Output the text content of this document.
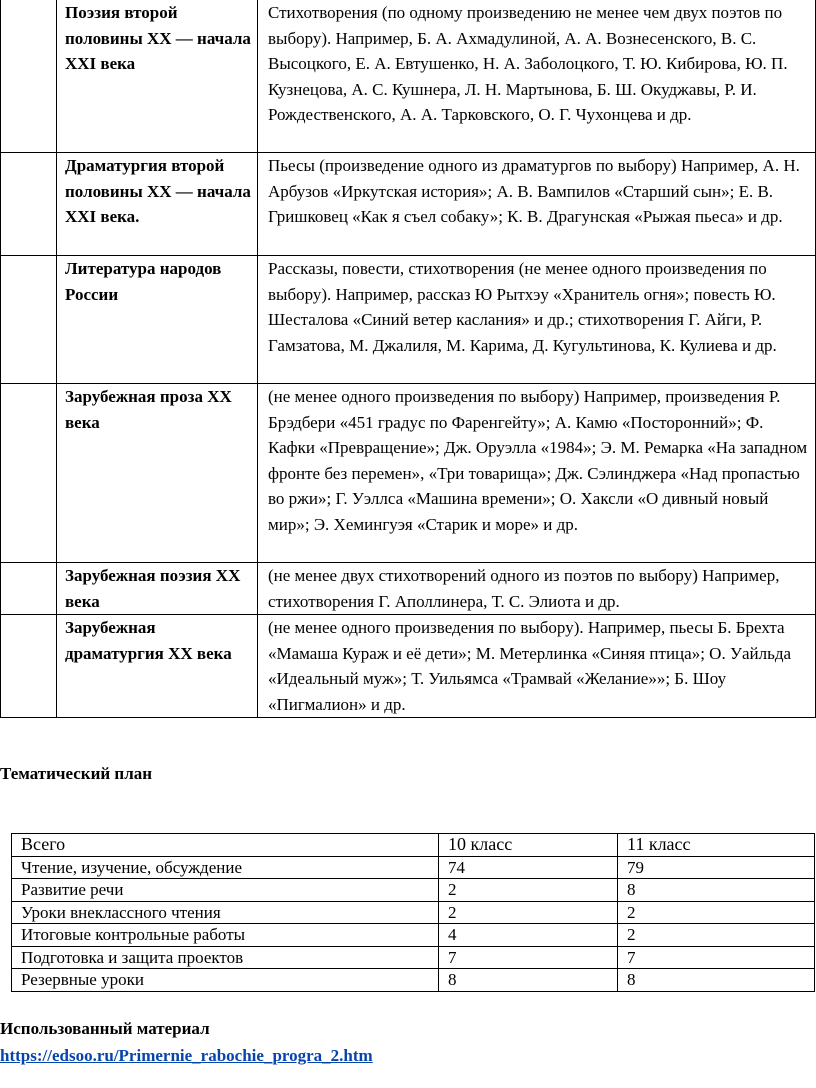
	Поэзия второй половины XX — начала XXI века	Стихотворения (по одному произведению не менее чем двух поэтов по выбору). Например, Б. А. Ахмадулиной, А. А. Вознесенского, В. С. Высоцкого, Е. А. Евтушенко, Н. А. Заболоцкого, Т. Ю. Кибирова, Ю. П. Кузнецова, А. С. Кушнера, Л. Н. Мартынова, Б. Ш. Окуджавы, Р. И. Рождественского, А. А. Тарковского, О. Г. Чухонцева и др.
	Драматургия второй половины XX — начала XXI века.	Пьесы (произведение одного из драматургов по выбору) Например, А. Н. Арбузов «Иркутская история»; А. В. Вампилов «Старший сын»; Е. В. Гришковец «Как я съел собаку»; К. В. Драгунская «Рыжая пьеса» и др.
	Литература народов России	Рассказы, повести, стихотворения (не менее одного произведения по выбору). Например, рассказ Ю Рытхэу «Хранитель огня»; повесть Ю. Шесталова «Синий ветер каслания» и др.; стихотворения Г. Айги, Р. Гамзатова, М. Джалиля, М. Карима, Д. Кугультинова, К. Кулиева и др.
	Зарубежная проза XX века	(не менее одного произведения по выбору) Например, произведения Р. Брэдбери «451 градус по Фаренгейту»; А. Камю «Посторонний»; Ф. Кафки «Превращение»; Дж. Оруэлла «1984»; Э. М. Ремарка «На западном фронте без перемен», «Три товарища»; Дж. Сэлинджера «Над пропастью во ржи»; Г. Уэллса «Машина времени»; О. Хаксли «О дивный новый мир»; Э. Хемингуэя «Старик и море» и др.
	Зарубежная поэзия XX века	(не менее двух стихотворений одного из поэтов по выбору) Например, стихотворения Г. Аполлинера, Т. С. Элиота и др.
	Зарубежная драматургия XX века	(не менее одного произведения по выбору). Например, пьесы Б. Брехта «Мамаша Кураж и её дети»; М. Метерлинка «Синяя птица»; О. Уайльда «Идеальный муж»; Т. Уильямса «Трамвай «Желание»»; Б. Шоу «Пигмалион» и др.
Тематический план
Всего	10 класс	11 класс
Чтение, изучение, обсуждение	74	79
Развитие речи	2	8
Уроки внеклассного чтения	2	2
Итоговые контрольные работы	4	2
Подготовка и защита проектов	7	7
Резервные уроки	8	8
Использованный материал
https://edsoo.ru/Primernie_rabochie_progra_2.htm
